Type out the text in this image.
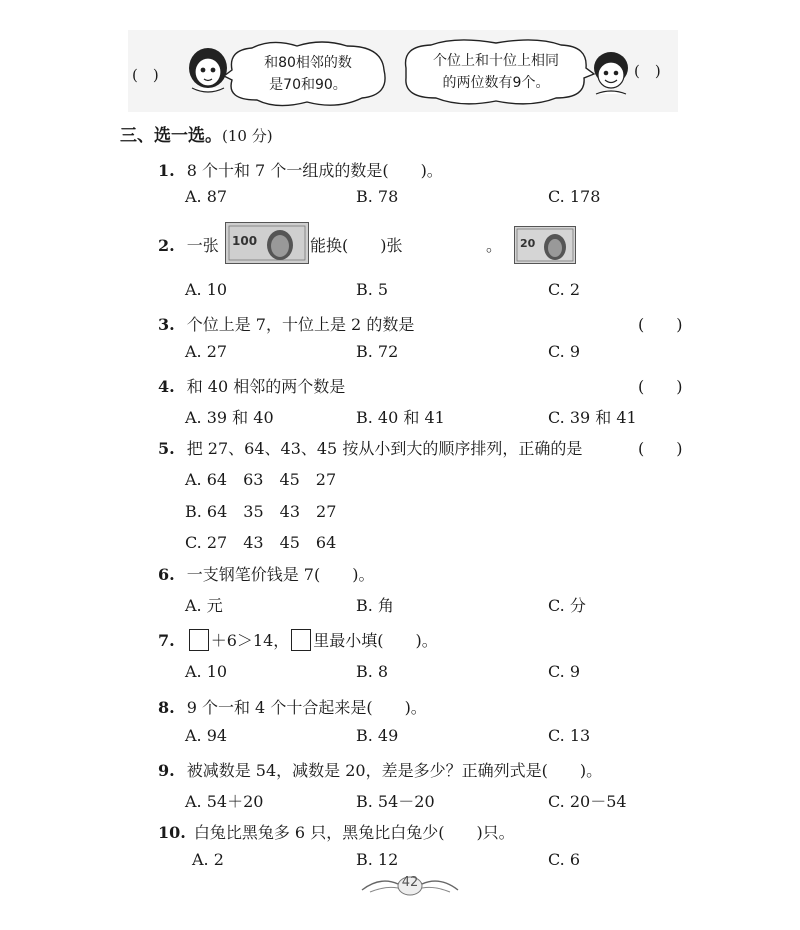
(　)
和80相邻的数
是70和90。
个位上和十位上相同
的两位数有9个。
(　)
三、选一选。(10 分)
1. 8 个十和 7 个一组成的数是(　　)。
A. 87	B. 78	C. 178
2. 一张 100
	能换(　　)张	20
。
A. 10	B. 5	C. 2
3. 个位上是 7，十位上是 2 的数是	(　　)
A. 27	B. 72	C. 9
4. 和 40 相邻的两个数是	(　　)
A. 39 和 40	B. 40 和 41	C. 39 和 41
5. 把 27、64、43、45 按从小到大的顺序排列，正确的是	(　　)
A. 64　63　45　27
B. 64　35　43　27
C. 27　43　45　64
6. 一支钢笔价钱是 7(　　)。
A. 元	B. 角	C. 分
7. ＋6＞14， 里最小填(　　)。
A. 10	B. 8	C. 9
8. 9 个一和 4 个十合起来是(　　)。
A. 94	B. 49	C. 13
9. 被减数是 54，减数是 20，差是多少？正确列式是(　　)。
A. 54＋20	B. 54－20	C. 20－54
10. 白兔比黑兔多 6 只，黑兔比白兔少(　　)只。
A. 2	B. 12	C. 6
42
